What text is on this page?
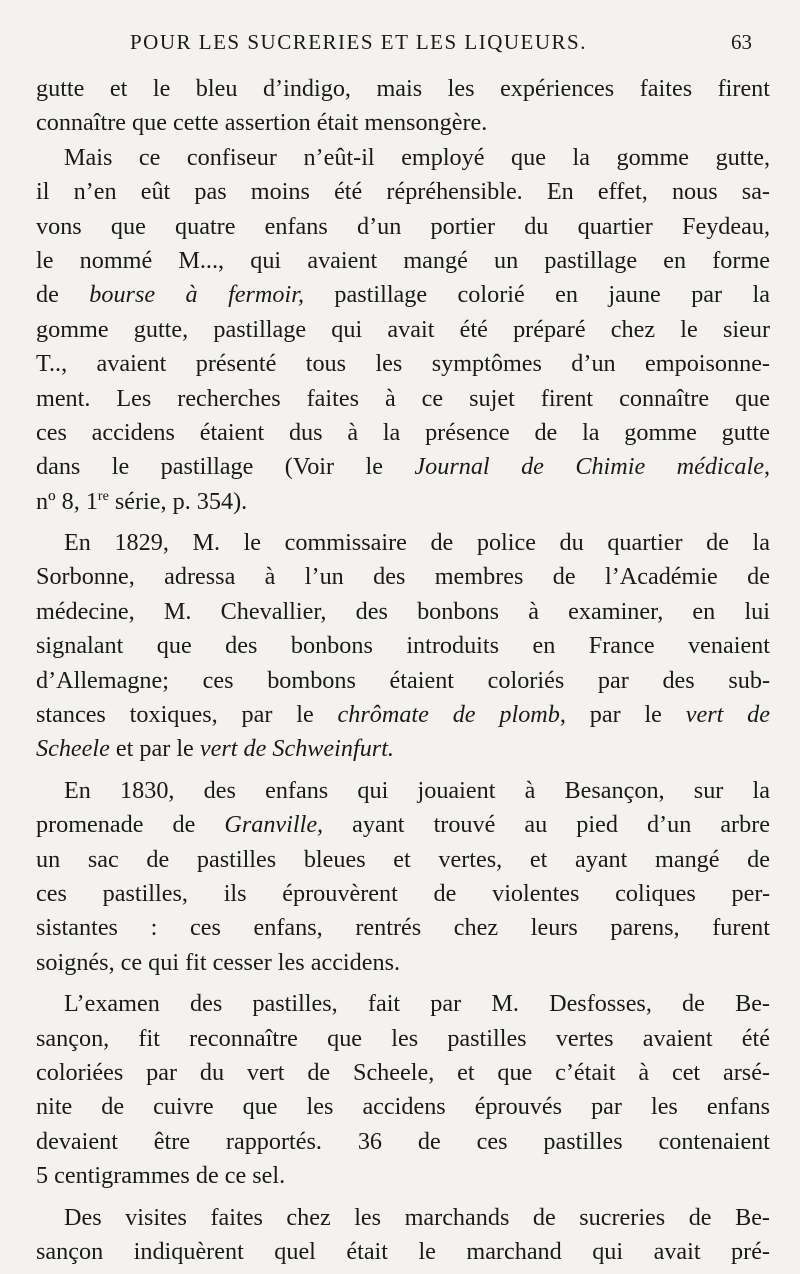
POUR LES SUCRERIES ET LES LIQUEURS.	63
gutte et le bleu d’indigo, mais les expériences faites firent
connaître que cette assertion était mensongère.
Mais ce confiseur n’eût-il employé que la gomme gutte,
il n’en eût pas moins été répréhensible. En effet, nous sa-
vons que quatre enfans d’un portier du quartier Feydeau,
le nommé M..., qui avaient mangé un pastillage en forme
de bourse à fermoir, pastillage colorié en jaune par la
gomme gutte, pastillage qui avait été préparé chez le sieur
T.., avaient présenté tous les symptômes d’un empoisonne-
ment. Les recherches faites à ce sujet firent connaître que
ces accidens étaient dus à la présence de la gomme gutte
dans le pastillage (Voir le Journal de Chimie médicale,
nº 8, 1re série, p. 354).
En 1829, M. le commissaire de police du quartier de la
Sorbonne, adressa à l’un des membres de l’Académie de
médecine, M. Chevallier, des bonbons à examiner, en lui
signalant que des bonbons introduits en France venaient
d’Allemagne; ces bombons étaient coloriés par des sub-
stances toxiques, par le chrômate de plomb, par le vert de
Scheele et par le vert de Schweinfurt.
En 1830, des enfans qui jouaient à Besançon, sur la
promenade de Granville, ayant trouvé au pied d’un arbre
un sac de pastilles bleues et vertes, et ayant mangé de
ces pastilles, ils éprouvèrent de violentes coliques per-
sistantes : ces enfans, rentrés chez leurs parens, furent
soignés, ce qui fit cesser les accidens.
L’examen des pastilles, fait par M. Desfosses, de Be-
sançon, fit reconnaître que les pastilles vertes avaient été
coloriées par du vert de Scheele, et que c’était à cet arsé-
nite de cuivre que les accidens éprouvés par les enfans
devaient être rapportés. 36 de ces pastilles contenaient
5 centigrammes de ce sel.
Des visites faites chez les marchands de sucreries de Be-
sançon indiquèrent quel était le marchand qui avait pré-
